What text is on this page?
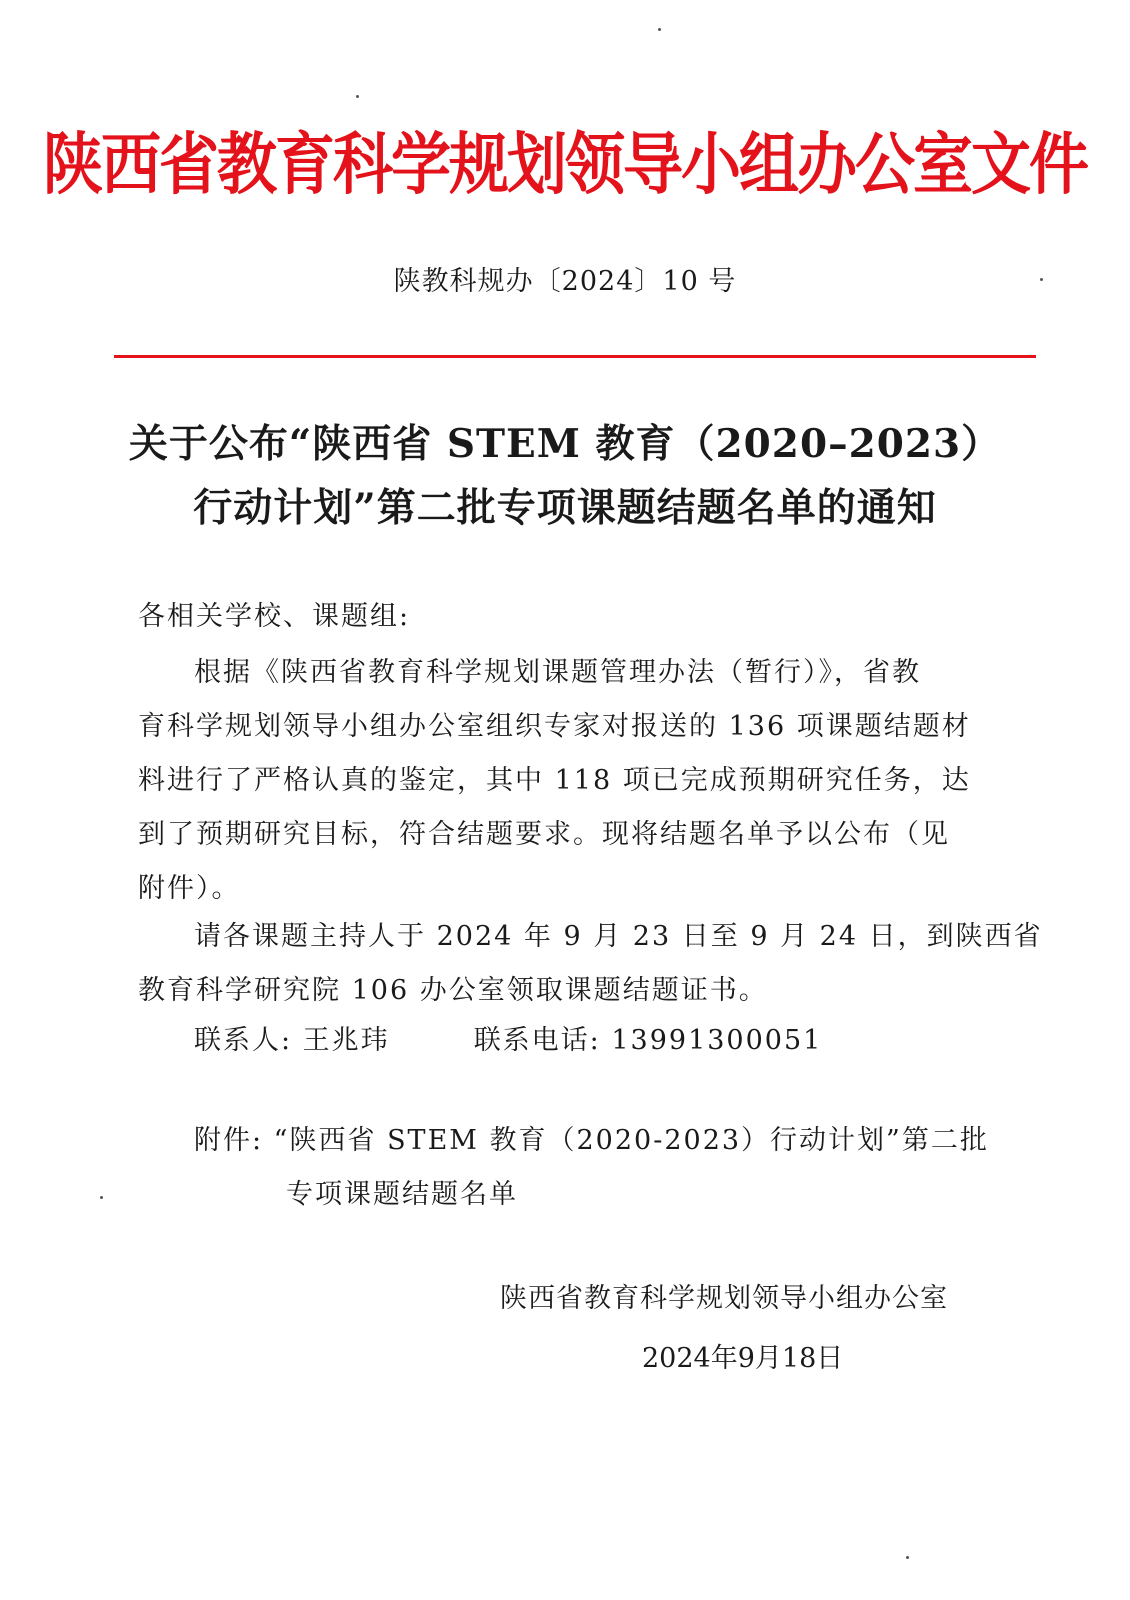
陕西省教育科学规划领导小组办公室文件
陕教科规办〔2024〕10 号
关于公布“陕西省 STEM 教育（2020–2023）
行动计划”第二批专项课题结题名单的通知
各相关学校、课题组:
根据《陕西省教育科学规划课题管理办法（暂行）》，省教
育科学规划领导小组办公室组织专家对报送的 136 项课题结题材
料进行了严格认真的鉴定，其中 118 项已完成预期研究任务，达
到了预期研究目标，符合结题要求。现将结题名单予以公布（见
附件）。
请各课题主持人于 2024 年 9 月 23 日至 9 月 24 日，到陕西省
教育科学研究院 106 办公室领取课题结题证书。
联系人: 王兆玮	联系电话: 13991300051
附件: “陕西省 STEM 教育（2020-2023）行动计划”第二批
专项课题结题名单
陕西省教育科学规划领导小组办公室
2024年9月18日
